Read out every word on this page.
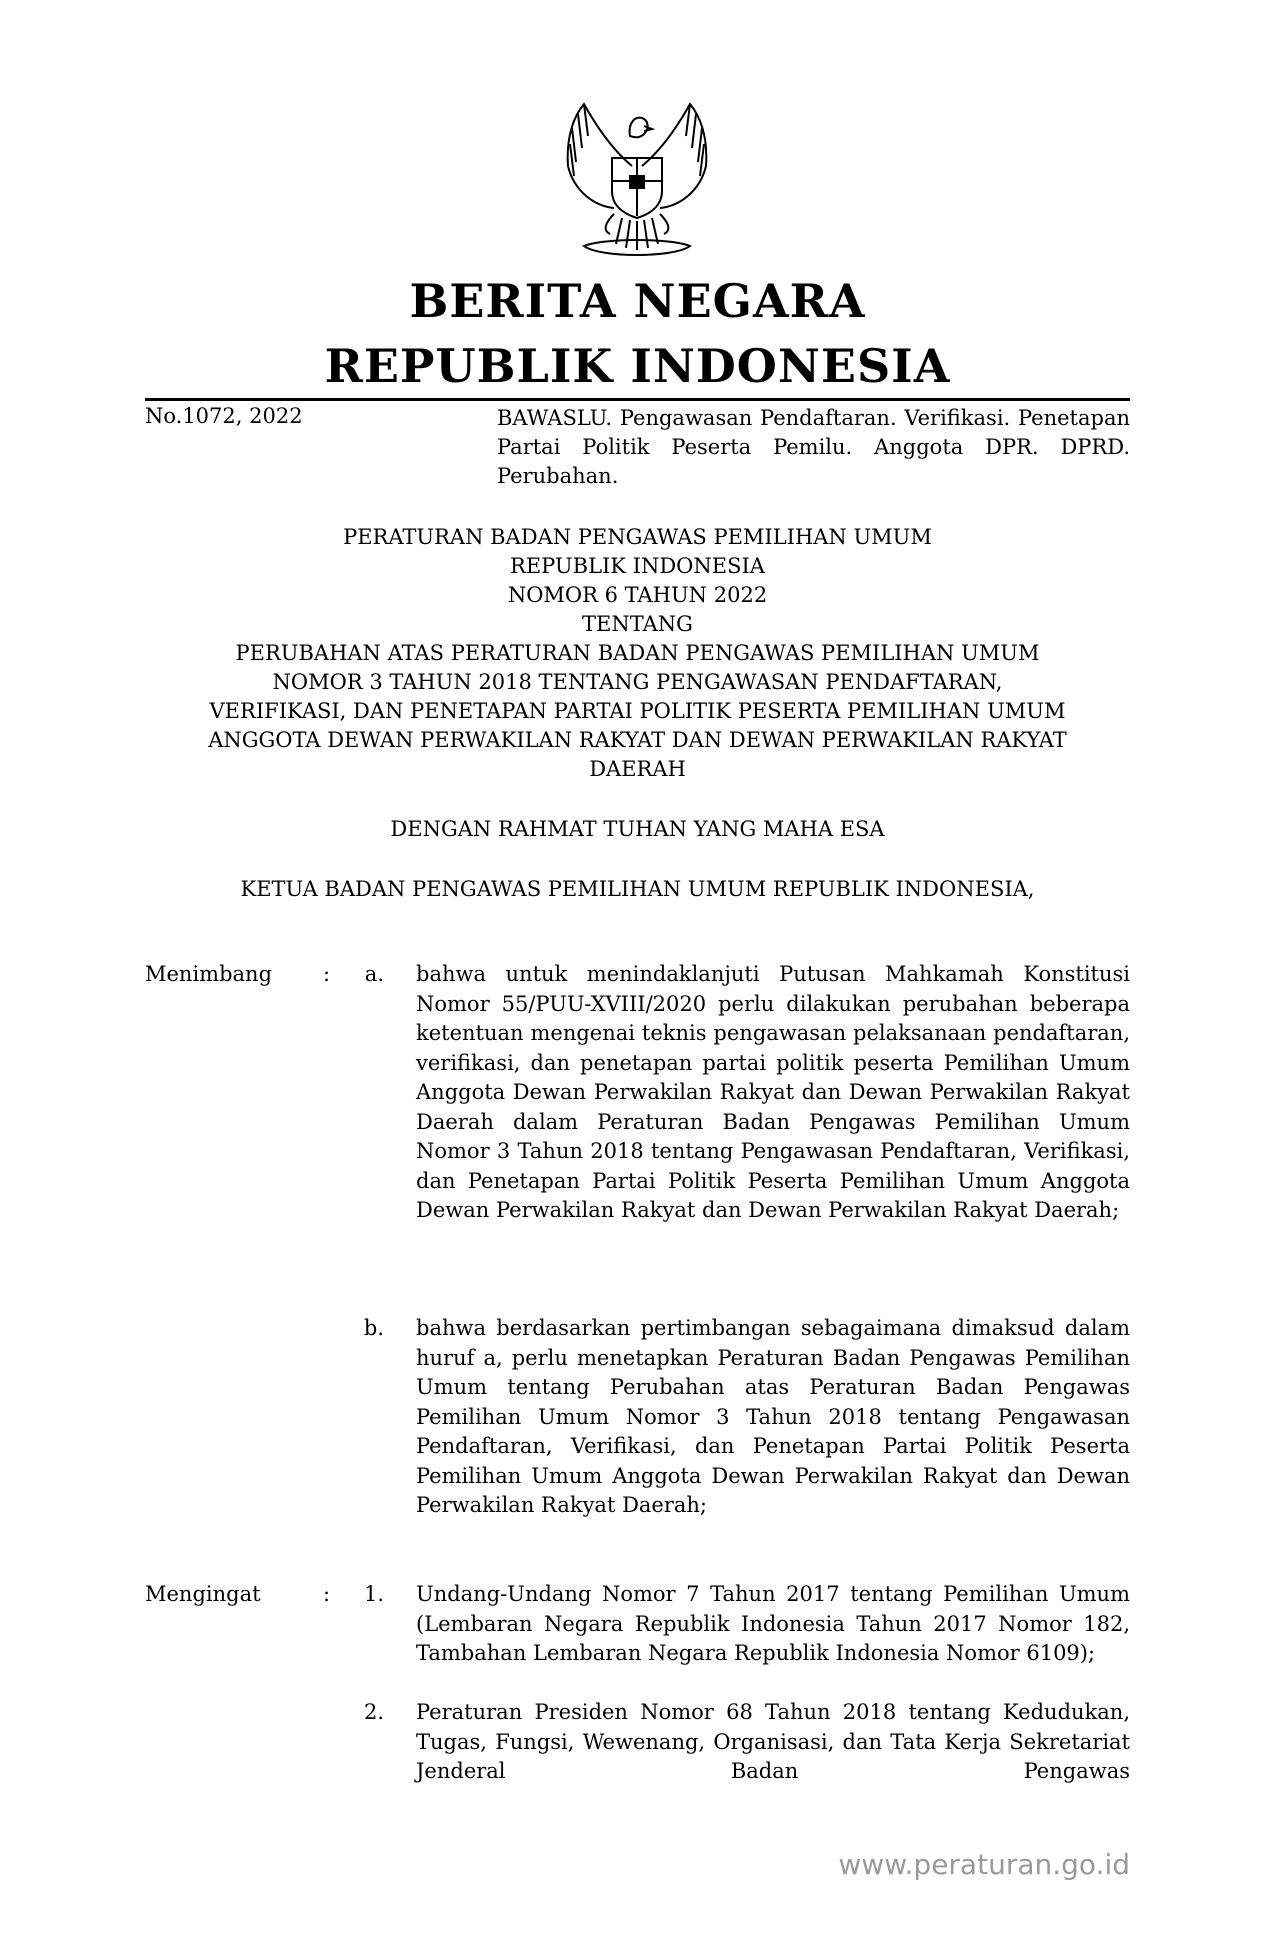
BERITA NEGARA
REPUBLIK INDONESIA
No.1072, 2022	BAWASLU. Pengawasan Pendaftaran. Verifikasi. Penetapan Partai Politik Peserta Pemilu. Anggota DPR. DPRD. Perubahan.
PERATURAN BADAN PENGAWAS PEMILIHAN UMUM
REPUBLIK INDONESIA
NOMOR 6 TAHUN 2022
TENTANG
PERUBAHAN ATAS PERATURAN BADAN PENGAWAS PEMILIHAN UMUM
NOMOR 3 TAHUN 2018 TENTANG PENGAWASAN PENDAFTARAN,
VERIFIKASI, DAN PENETAPAN PARTAI POLITIK PESERTA PEMILIHAN UMUM
ANGGOTA DEWAN PERWAKILAN RAKYAT DAN DEWAN PERWAKILAN RAKYAT
DAERAH
DENGAN RAHMAT TUHAN YANG MAHA ESA
KETUA BADAN PENGAWAS PEMILIHAN UMUM REPUBLIK INDONESIA,
Menimbang :	a. bahwa untuk menindaklanjuti Putusan Mahkamah Konstitusi Nomor 55/PUU-XVIII/2020 perlu dilakukan perubahan beberapa ketentuan mengenai teknis pengawasan pelaksanaan pendaftaran, verifikasi, dan penetapan partai politik peserta Pemilihan Umum Anggota Dewan Perwakilan Rakyat dan Dewan Perwakilan Rakyat Daerah dalam Peraturan Badan Pengawas Pemilihan Umum Nomor 3 Tahun 2018 tentang Pengawasan Pendaftaran, Verifikasi, dan Penetapan Partai Politik Peserta Pemilihan Umum Anggota Dewan Perwakilan Rakyat dan Dewan Perwakilan Rakyat Daerah;
b. bahwa berdasarkan pertimbangan sebagaimana dimaksud dalam huruf a, perlu menetapkan Peraturan Badan Pengawas Pemilihan Umum tentang Perubahan atas Peraturan Badan Pengawas Pemilihan Umum Nomor 3 Tahun 2018 tentang Pengawasan Pendaftaran, Verifikasi, dan Penetapan Partai Politik Peserta Pemilihan Umum Anggota Dewan Perwakilan Rakyat dan Dewan Perwakilan Rakyat Daerah;
Mengingat	:	1. Undang-Undang Nomor 7 Tahun 2017 tentang Pemilihan Umum (Lembaran Negara Republik Indonesia Tahun 2017 Nomor 182, Tambahan Lembaran Negara Republik Indonesia Nomor 6109);
2. Peraturan Presiden Nomor 68 Tahun 2018 tentang Kedudukan, Tugas, Fungsi, Wewenang, Organisasi, dan Tata Kerja Sekretariat Jenderal Badan Pengawas
www.peraturan.go.id
